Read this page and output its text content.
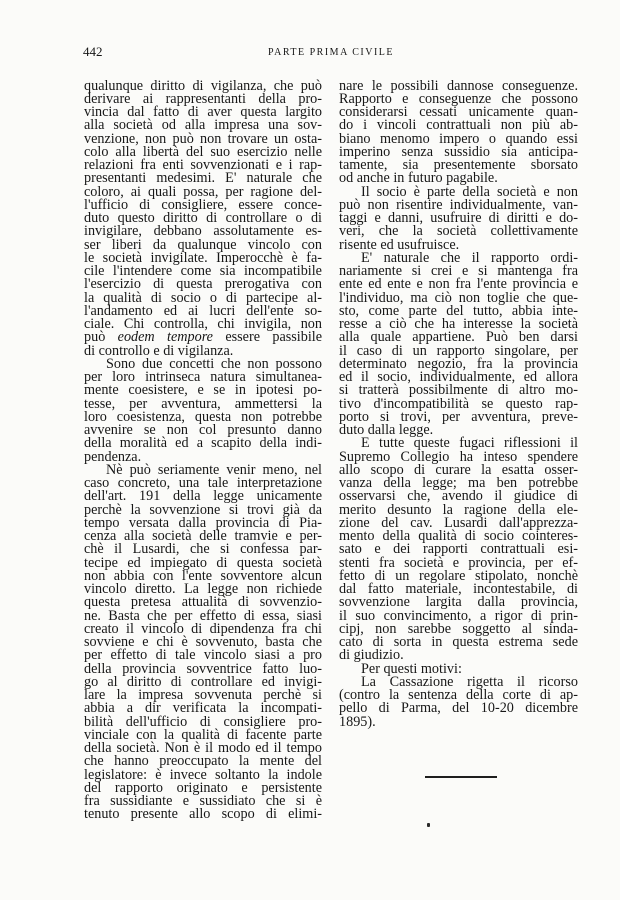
442	PARTE PRIMA CIVILE
qualunque diritto di vigilanza, che può
derivare ai rappresentanti della pro-
vincia dal fatto di aver questa largito
alla società od alla impresa una sov-
venzione, non può non trovare un osta-
colo alla libertà del suo esercizio nelle
relazioni fra enti sovvenzionati e i rap-
presentanti medesimi. E' naturale che
coloro, ai quali possa, per ragione del-
l'ufficio di consigliere, essere conce-
duto questo diritto di controllare o di
invigilare, debbano assolutamente es-
ser liberi da qualunque vincolo con
le società invigilate. Imperocchè è fa-
cile l'intendere come sia incompatibile
l'esercizio di questa prerogativa con
la qualità di socio o di partecipe al-
l'andamento ed ai lucri dell'ente so-
ciale. Chi controlla, chi invigila, non
può eodem tempore essere passibile
di controllo e di vigilanza.
Sono due concetti che non possono
per loro intrinseca natura simultanea-
mente coesistere, e se in ipotesi po-
tesse, per avventura, ammettersi la
loro coesistenza, questa non potrebbe
avvenire se non col presunto danno
della moralità ed a scapito della indi-
pendenza.
Nè può seriamente venir meno, nel
caso concreto, una tale interpretazione
dell'art. 191 della legge unicamente
perchè la sovvenzione si trovi già da
tempo versata dalla provincia di Pia-
cenza alla società delle tramvie e per-
chè il Lusardi, che si confessa par-
tecipe ed impiegato di questa società
non abbia con l'ente sovventore alcun
vincolo diretto. La legge non richiede
questa pretesa attualità di sovvenzio-
ne. Basta che per effetto di essa, siasi
creato il vincolo di dipendenza fra chi
sovviene e chi è sovvenuto, basta che
per effetto di tale vincolo siasi a pro
della provincia sovventrice fatto luo-
go al diritto di controllare ed invigi-
lare la impresa sovvenuta perchè si
abbia a dir verificata la incompati-
bilità dell'ufficio di consigliere pro-
vinciale con la qualità di facente parte
della società. Non è il modo ed il tempo
che hanno preoccupato la mente del
legislatore: è invece soltanto la indole
del rapporto originato e persistente
fra sussidiante e sussidiato che si è
tenuto presente allo scopo di elimi-
nare le possibili dannose conseguenze.
Rapporto e conseguenze che possono
considerarsi cessati unicamente quan-
do i vincoli contrattuali non più ab-
biano menomo impero o quando essi
imperino senza sussidio sia anticipa-
tamente, sia presentemente sborsato
od anche in futuro pagabile.
Il socio è parte della società e non
può non risentire individualmente, van-
taggi e danni, usufruire di diritti e do-
veri, che la società collettivamente
risente ed usufruisce.
E' naturale che il rapporto ordi-
nariamente si crei e si mantenga fra
ente ed ente e non fra l'ente provincia e
l'individuo, ma ciò non toglie che que-
sto, come parte del tutto, abbia inte-
resse a ciò che ha interesse la società
alla quale appartiene. Può ben darsi
il caso di un rapporto singolare, per
determinato negozio, fra la provincia
ed il socio, individualmente, ed allora
si tratterà possibilmente di altro mo-
tivo d'incompatibilità se questo rap-
porto si trovi, per avventura, preve-
duto dalla legge.
E tutte queste fugaci riflessioni il
Supremo Collegio ha inteso spendere
allo scopo di curare la esatta osser-
vanza della legge; ma ben potrebbe
osservarsi che, avendo il giudice di
merito desunto la ragione della ele-
zione del cav. Lusardi dall'apprezza-
mento della qualità di socio cointeres-
sato e dei rapporti contrattuali esi-
stenti fra società e provincia, per ef-
fetto di un regolare stipolato, nonchè
dal fatto materiale, incontestabile, di
sovvenzione largita dalla provincia,
il suo convincimento, a rigor di prin-
cipj, non sarebbe soggetto al sinda-
cato di sorta in questa estrema sede
di giudizio.
Per questi motivi:
La Cassazione rigetta il ricorso
(contro la sentenza della corte di ap-
pello di Parma, del 10-20 dicembre
1895).
